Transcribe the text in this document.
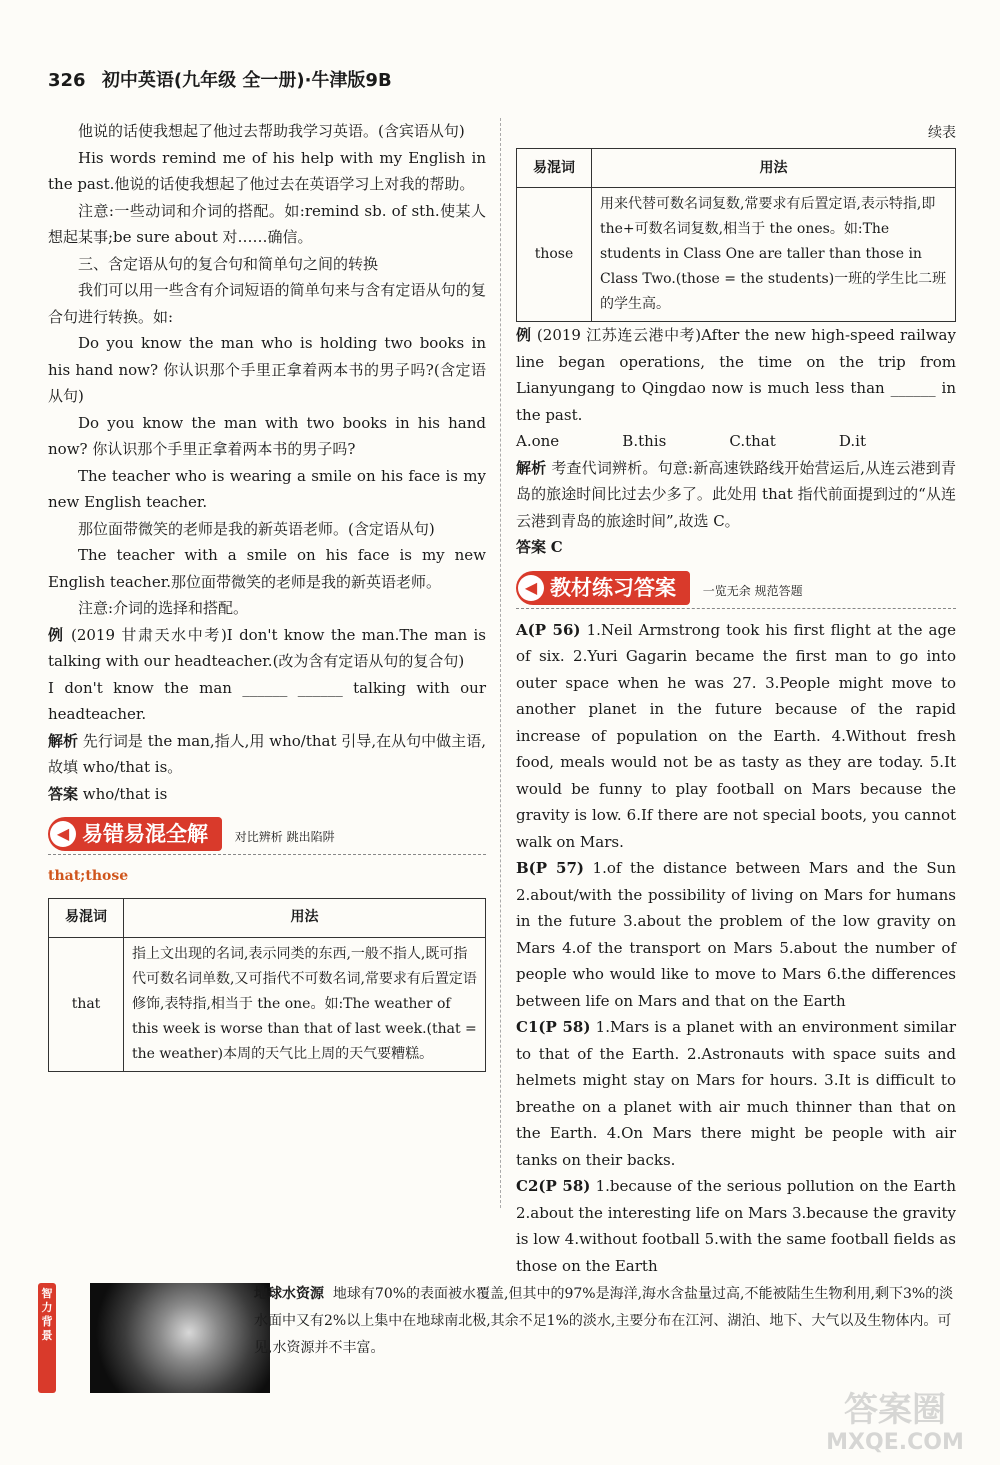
326 初中英语(九年级 全一册)·牛津版9B

他说的话使我想起了他过去帮助我学习英语。(含宾语从句)

His words remind me of his help with my English in the past.他说的话使我想起了他过去在英语学习上对我的帮助。

注意:一些动词和介词的搭配。如:remind sb. of sth.使某人想起某事;be sure about 对……确信。

三、含定语从句的复合句和简单句之间的转换

我们可以用一些含有介词短语的简单句来与含有定语从句的复合句进行转换。如:

Do you know the man who is holding two books in his hand now? 你认识那个手里正拿着两本书的男子吗?(含定语从句)

Do you know the man with two books in his hand now? 你认识那个手里正拿着两本书的男子吗?

The teacher who is wearing a smile on his face is my new English teacher.

那位面带微笑的老师是我的新英语老师。(含定语从句)

The teacher with a smile on his face is my new English teacher.那位面带微笑的老师是我的新英语老师。

注意:介词的选择和搭配。

例 (2019 甘肃天水中考)I don't know the man.The man is talking with our headteacher.(改为含有定语从句的复合句)

I don't know the man ______ ______ talking with our headteacher.

解析 先行词是 the man,指人,用 who/that 引导,在从句中做主语,故填 who/that is。

答案 who/that is

◀ 易错易混全解 对比辨析 跳出陷阱
that;those
易混词	用法
that	指上文出现的名词,表示同类的东西,一般不指人,既可指代可数名词单数,又可指代不可数名词,常要求有后置定语修饰,表特指,相当于 the one。如:The weather of this week is worse than that of last week.(that = the weather)本周的天气比上周的天气要糟糕。
续表
易混词	用法
those	用来代替可数名词复数,常要求有后置定语,表示特指,即 the+可数名词复数,相当于 the ones。如:The students in Class One are taller than those in Class Two.(those = the students)一班的学生比二班的学生高。

例 (2019 江苏连云港中考)After the new high-speed railway line began operations, the time on the trip from Lianyungang to Qingdao now is much less than ______ in the past.

A.one	B.this	C.that	D.it

解析 考查代词辨析。句意:新高速铁路线开始营运后,从连云港到青岛的旅途时间比过去少多了。此处用 that 指代前面提到过的“从连云港到青岛的旅途时间”,故选 C。

答案 C

◀ 教材练习答案 一览无余 规范答题

A(P 56) 1.Neil Armstrong took his first flight at the age of six. 2.Yuri Gagarin became the first man to go into outer space when he was 27. 3.People might move to another planet in the future because of the rapid increase of population on the Earth. 4.Without fresh food, meals would not be as tasty as they are today. 5.It would be funny to play football on Mars because the gravity is low. 6.If there are not special boots, you cannot walk on Mars.

B(P 57) 1.of the distance between Mars and the Sun 2.about/with the possibility of living on Mars for humans in the future 3.about the problem of the low gravity on Mars 4.of the transport on Mars 5.about the number of people who would like to move to Mars 6.the differences between life on Mars and that on the Earth

C1(P 58) 1.Mars is a planet with an environment similar to that of the Earth. 2.Astronauts with space suits and helmets might stay on Mars for hours. 3.It is difficult to breathe on a planet with air much thinner than that on the Earth. 4.On Mars there might be people with air tanks on their backs.

C2(P 58) 1.because of the serious pollution on the Earth 2.about the interesting life on Mars 3.because the gravity is low 4.without football 5.with the same football fields as those on the Earth

智力背景
地球水资源 地球有70%的表面被水覆盖,但其中的97%是海洋,海水含盐量过高,不能被陆生生物利用,剩下3%的淡水面中又有2%以上集中在地球南北极,其余不足1%的淡水,主要分布在江河、湖泊、地下、大气以及生物体内。可见,水资源并不丰富。
答案圈
MXQE.COM
